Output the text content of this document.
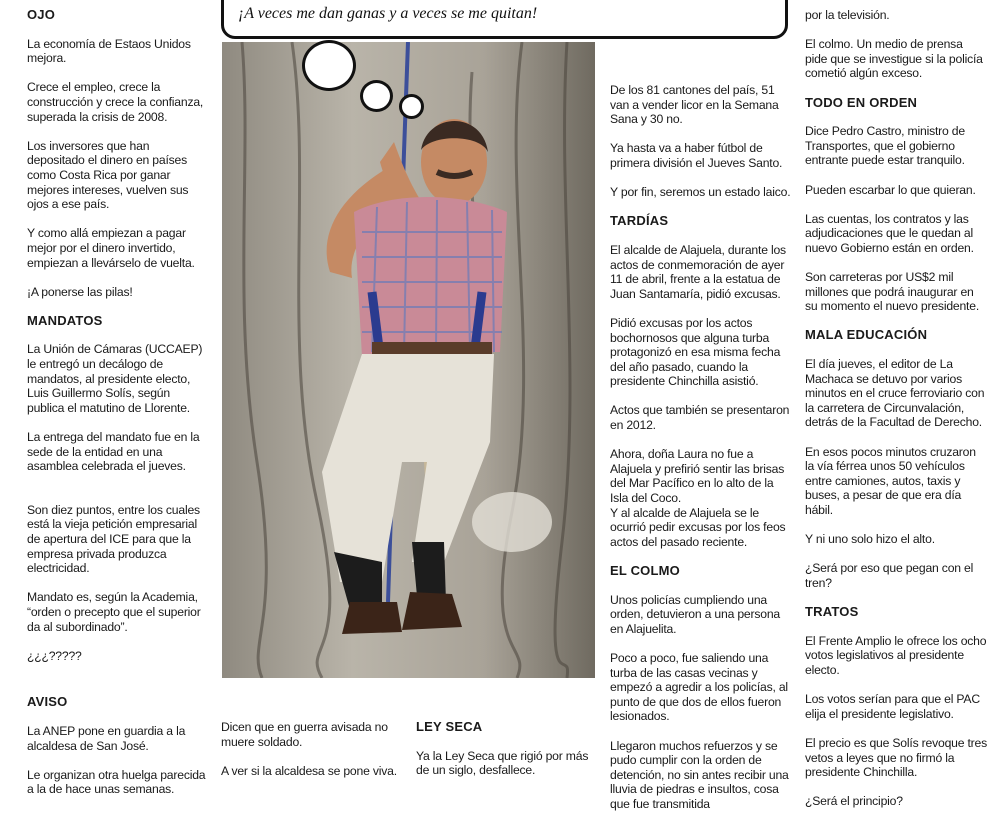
OJO

La economía de Estaos Unidos mejora.

Crece el empleo, crece la construcción y crece la confianza, superada la crisis de 2008.

Los inversores que han depositado el dinero en países como Costa Rica por ganar mejores intereses, vuelven sus ojos a ese país.

Y como allá empiezan a pagar mejor por el dinero invertido, empiezan a llevárselo de vuelta.

¡A ponerse las pilas!

MANDATOS

La Unión de Cámaras (UCCAEP) le entregó un decálogo de mandatos, al presidente electo, Luis Guillermo Solís, según publica el matutino de Llorente.

La entrega del mandato fue en la sede de la entidad en una asamblea celebrada el jueves.

Son diez puntos, entre los cuales está la vieja petición empresarial de apertura del ICE para que la empresa privada produzca electricidad.

Mandato es, según la Academia, “orden o precepto que el superior da al subordinado”.

¿¿¿?????

AVISO

La ANEP pone en guardia a la alcaldesa de San José.

Le organizan otra huelga parecida a la de hace unas semanas.

¡A veces me dan ganas y a veces se me quitan!

Dicen que en guerra avisada no muere soldado.

A ver si la alcaldesa se pone viva.

LEY SECA

Ya la Ley Seca que rigió por más de un siglo, desfallece.

De los 81 cantones del país, 51 van a vender licor en la Semana Sana y 30 no.

Ya hasta va a haber fútbol de primera división el Jueves Santo.

Y por fin, seremos un estado laico.

TARDÍAS

El alcalde de Alajuela, durante los actos de conmemoración de ayer 11 de abril, frente a la estatua de Juan Santamaría, pidió excusas.

Pidió excusas por los actos bochornosos que alguna turba protagonizó en esa misma fecha del año pasado, cuando la presidente Chinchilla asistió.

Actos que también se presentaron en 2012.

Ahora, doña Laura no fue a Alajuela y prefirió sentir las brisas del Mar Pacífico en lo alto de la Isla del Coco.

Y al alcalde de Alajuela se le ocurrió pedir excusas por los feos actos del pasado reciente.

EL COLMO

Unos policías cumpliendo una orden, detuvieron a una persona en Alajuelita.

Poco a poco, fue saliendo una turba de las casas vecinas y empezó a agredir a los policías, al punto de que dos de ellos fueron lesionados.

Llegaron muchos refuerzos y se pudo cumplir con la orden de detención, no sin antes recibir una lluvia de piedras e insultos, cosa que fue transmitida

por la televisión.

El colmo. Un medio de prensa pide que se investigue si la policía cometió algún exceso.

TODO EN ORDEN

Dice Pedro Castro, ministro de Transportes, que el gobierno entrante puede estar tranquilo.

Pueden escarbar lo que quieran.

Las cuentas, los contratos y las adjudicaciones que le quedan al nuevo Gobierno están en orden.

Son carreteras por US$2 mil millones que podrá inaugurar en su momento el nuevo presidente.

MALA EDUCACIÓN

El día jueves, el editor de La Machaca se detuvo por varios minutos en el cruce ferroviario con la carretera de Circunvalación, detrás de la Facultad de Derecho.

En esos pocos minutos cruzaron la vía férrea unos 50 vehículos entre camiones, autos, taxis y buses, a pesar de que era día hábil.

Y ni uno solo hizo el alto.

¿Será por eso que pegan con el tren?

TRATOS

El Frente Amplio le ofrece los ocho votos legislativos al presidente electo.

Los votos serían para que el PAC elija el presidente legislativo.

El precio es que Solís revoque tres vetos a leyes que no firmó la presidente Chinchilla.

¿Será el principio?
